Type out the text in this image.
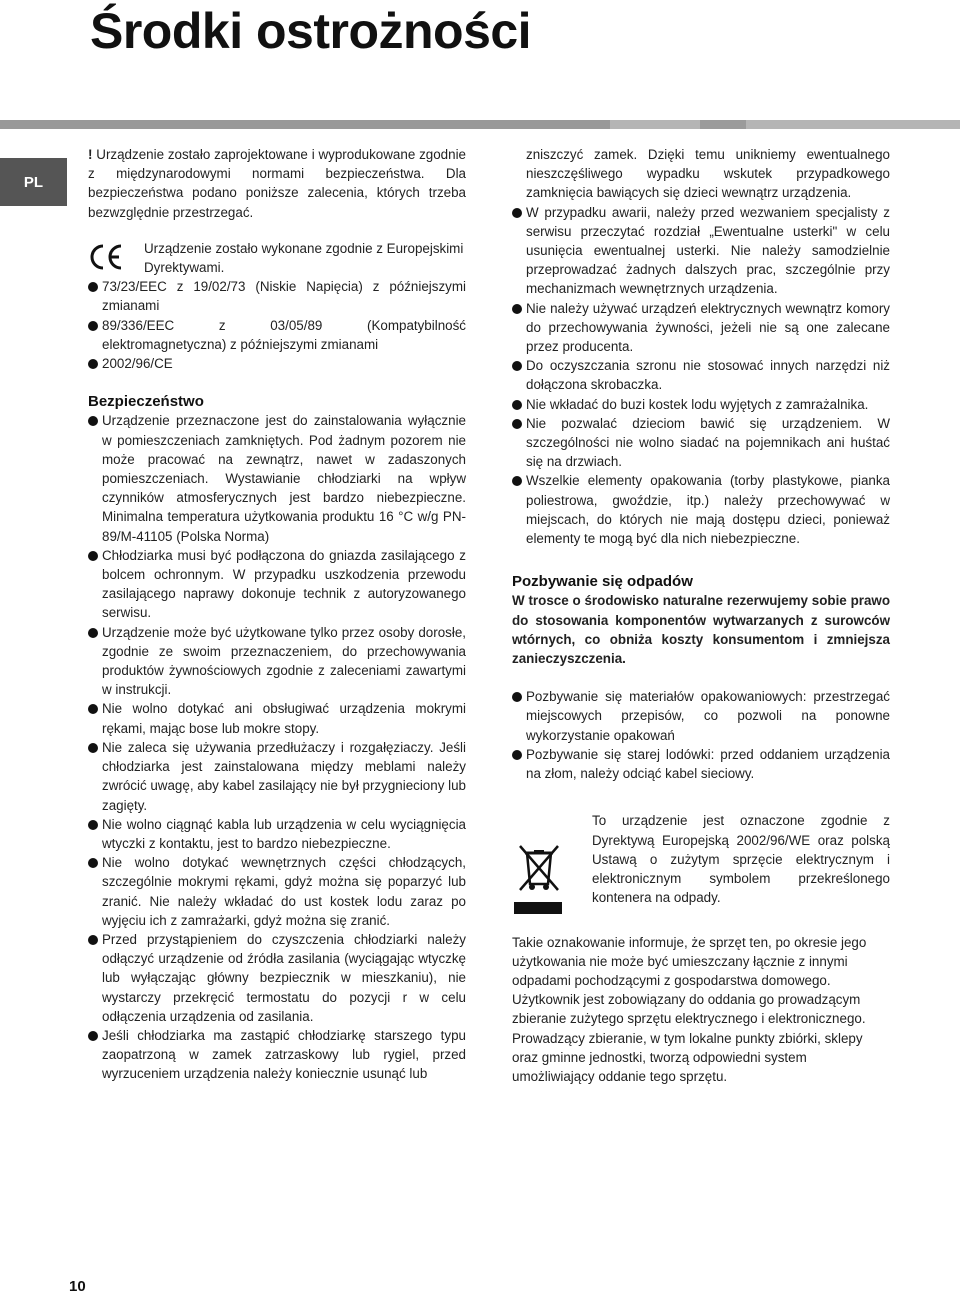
Środki ostrożności
PL

! Urządzenie zostało zaprojektowane i wyprodukowane zgodnie z międzynarodowymi normami bezpieczeństwa. Dla bezpieczeństwa podano poniższe zalecenia, których trzeba bezwzględnie przestrzegać.

Urządzenie zostało wykonane zgodnie z Europejskimi Dyrektywami.

73/23/EEC z 19/02/73 (Niskie Napięcia) z późniejszymi zmianami
89/336/EEC z 03/05/89 (Kompatybilność elektromagnetyczna) z późniejszymi zmianami
2002/96/CE
Bezpieczeństwo
Urządzenie przeznaczone jest do zainstalowania wyłącznie w pomieszczeniach zamkniętych. Pod żadnym pozorem nie może pracować na zewnątrz, nawet w zadaszonych pomieszczeniach. Wystawianie chłodziarki na wpływ czynników atmosferycznych jest bardzo niebezpieczne. Minimalna temperatura użytkowania produktu 16 °C w/g PN-89/M-41105 (Polska Norma)
Chłodziarka musi być podłączona do gniazda zasilającego z bolcem ochronnym. W przypadku uszkodzenia przewodu zasilającego naprawy dokonuje technik z autoryzowanego serwisu.
Urządzenie może być użytkowane tylko przez osoby dorosłe, zgodnie ze swoim przeznaczeniem, do przechowywania produktów żywnościowych zgodnie z zaleceniami zawartymi w instrukcji.
Nie wolno dotykać ani obsługiwać urządzenia mokrymi rękami, mając bose lub mokre stopy.
Nie zaleca się używania przedłużaczy i rozgałęziaczy. Jeśli chłodziarka jest zainstalowana między meblami należy zwrócić uwagę, aby kabel zasilający nie był przygnieciony lub zagięty.
Nie wolno ciągnąć kabla lub urządzenia w celu wyciągnięcia wtyczki z kontaktu, jest to bardzo niebezpieczne.
Nie wolno dotykać wewnętrznych części chłodzących, szczególnie mokrymi rękami, gdyż można się poparzyć lub zranić. Nie należy wkładać do ust kostek lodu zaraz po wyjęciu ich z zamrażarki, gdyż można się zranić.
Przed przystąpieniem do czyszczenia chłodziarki należy odłączyć urządzenie od źródła zasilania (wyciągając wtyczkę lub wyłączając główny bezpiecznik w mieszkaniu), nie wystarczy przekręcić termostatu do pozycji r w celu odłączenia urządzenia od zasilania.
Jeśli chłodziarka ma zastąpić chłodziarkę starszego typu zaopatrzoną w zamek zatrzaskowy lub rygiel, przed wyrzuceniem urządzenia należy koniecznie usunąć lub

zniszczyć zamek. Dzięki temu unikniemy ewentualnego nieszczęśliwego wypadku wskutek przypadkowego zamknięcia bawiących się dzieci wewnątrz urządzenia.

W przypadku awarii, należy przed wezwaniem specjalisty z serwisu przeczytać rozdział „Ewentualne usterki" w celu usunięcia ewentualnej usterki. Nie należy samodzielnie przeprowadzać żadnych dalszych prac, szczególnie przy mechanizmach wewnętrznych urządzenia.
Nie należy używać urządzeń elektrycznych wewnątrz komory do przechowywania żywności, jeżeli nie są one zalecane przez producenta.
Do oczyszczania szronu nie stosować innych narzędzi niż dołączona skrobaczka.
Nie wkładać do buzi kostek lodu wyjętych z zamrażalnika.
Nie pozwalać dzieciom bawić się urządzeniem. W szczególności nie wolno siadać na pojemnikach ani huśtać się na drzwiach.
Wszelkie elementy opakowania (torby plastykowe, pianka poliestrowa, gwoździe, itp.) należy przechowywać w miejscach, do których nie mają dostępu dzieci, ponieważ elementy te mogą być dla nich niebezpieczne.
Pozbywanie się odpadów

W trosce o środowisko naturalne rezerwujemy sobie prawo do stosowania komponentów wytwarzanych z surowców wtórnych, co obniża koszty konsumentom i zmniejsza zanieczyszczenia.

Pozbywanie się materiałów opakowaniowych: przestrzegać miejscowych przepisów, co pozwoli na ponowne wykorzystanie opakowań
Pozbywanie się starej lodówki: przed oddaniem urządzenia na złom, należy odciąć kabel sieciowy.

To urządzenie jest oznaczone zgodnie z Dyrektywą Europejską 2002/96/WE oraz polską Ustawą o zużytym sprzęcie elektrycznym i elektronicznym symbolem przekreślonego kontenera na odpady.

Takie oznakowanie informuje, że sprzęt ten, po okresie jego użytkowania nie może być umieszczany łącznie z innymi odpadami pochodzącymi z gospodarstwa domowego. Użytkownik jest zobowiązany do oddania go prowadzącym zbieranie zużytego sprzętu elektrycznego i elektronicznego. Prowadzący zbieranie, w tym lokalne punkty zbiórki, sklepy oraz gminne jednostki, tworzą odpowiedni system umożliwiający oddanie tego sprzętu.

10
